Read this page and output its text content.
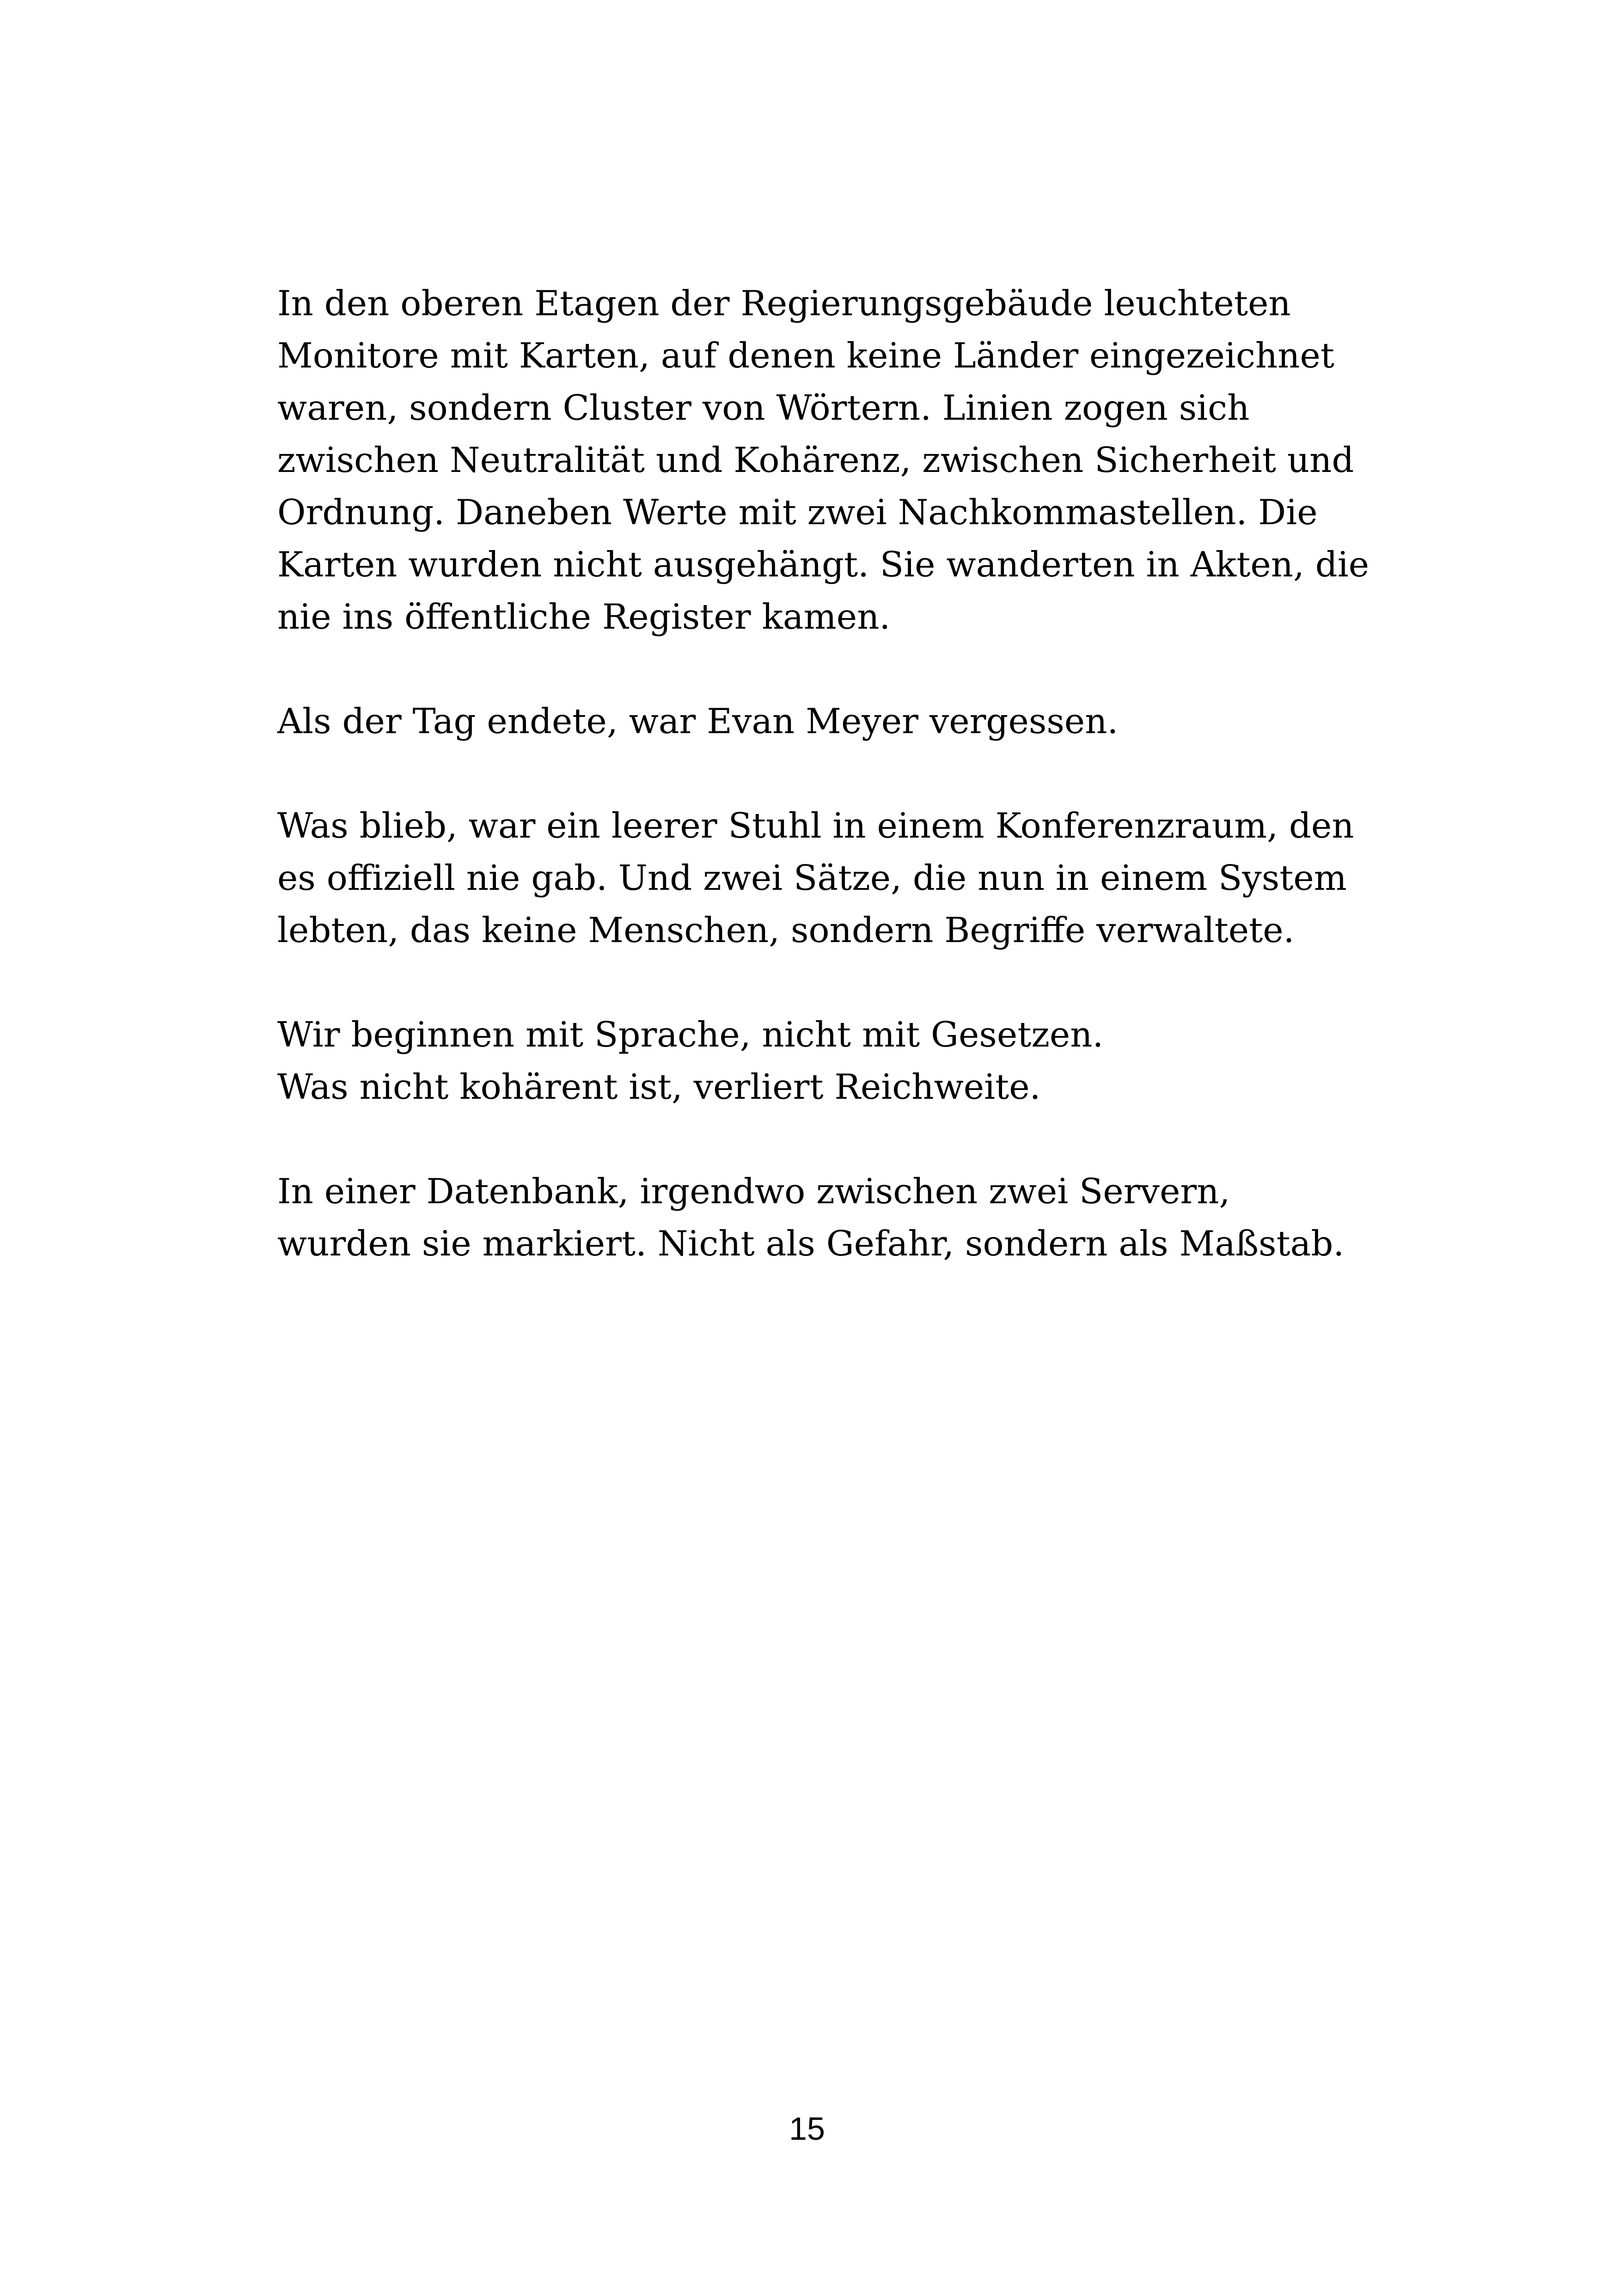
In den oberen Etagen der Regierungsgebäude leuchteten
Monitore mit Karten, auf denen keine Länder eingezeichnet
waren, sondern Cluster von Wörtern. Linien zogen sich
zwischen Neutralität und Kohärenz, zwischen Sicherheit und
Ordnung. Daneben Werte mit zwei Nachkommastellen. Die
Karten wurden nicht ausgehängt. Sie wanderten in Akten, die
nie ins öffentliche Register kamen.

Als der Tag endete, war Evan Meyer vergessen.

Was blieb, war ein leerer Stuhl in einem Konferenzraum, den
es offiziell nie gab. Und zwei Sätze, die nun in einem System
lebten, das keine Menschen, sondern Begriffe verwaltete.

Wir beginnen mit Sprache, nicht mit Gesetzen.
Was nicht kohärent ist, verliert Reichweite.

In einer Datenbank, irgendwo zwischen zwei Servern,
wurden sie markiert. Nicht als Gefahr, sondern als Maßstab.

15
